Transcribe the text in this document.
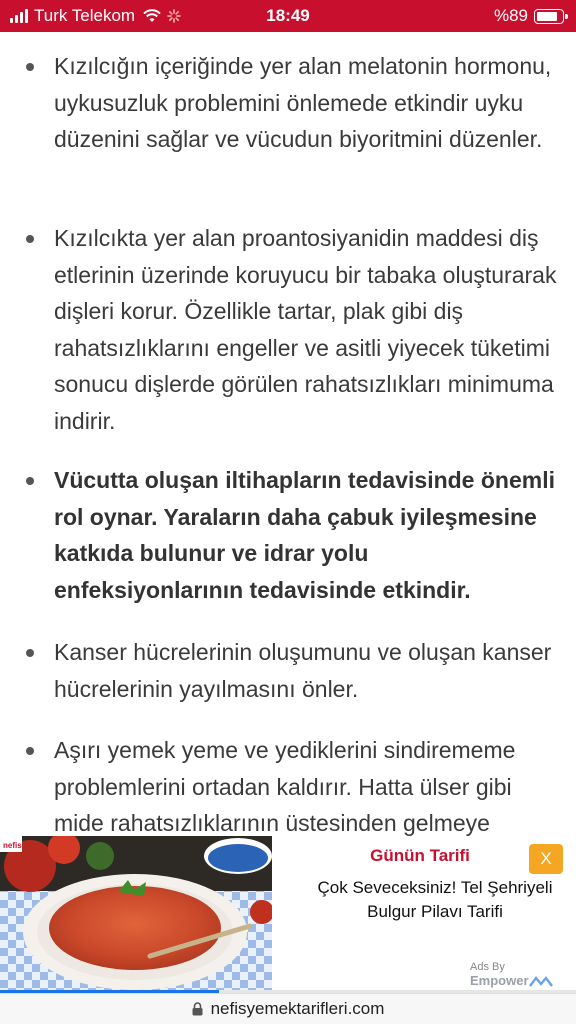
Turk Telekom	18:49	%89
Kızılcığın içeriğinde yer alan melatonin hormonu, uykusuzluk problemini önlemede etkindir uyku düzenini sağlar ve vücudun biyoritmini düzenler.
Kızılcıkta yer alan proantosiyanidin maddesi diş etlerinin üzerinde koruyucu bir tabaka oluşturarak dişleri korur. Özellikle tartar, plak gibi diş rahatsızlıklarını engeller ve asitli yiyecek tüketimi sonucu dişlerde görülen rahatsızlıkları minimuma indirir.
Vücutta oluşan iltihapların tedavisinde önemli rol oynar. Yaraların daha çabuk iyileşmesine katkıda bulunur ve idrar yolu enfeksiyonlarının tedavisinde etkindir.
Kanser hücrelerinin oluşumunu ve oluşan kanser hücrelerinin yayılmasını önler.
Aşırı yemek yeme ve yediklerini sindirememe problemlerini ortadan kaldırır. Hatta ülser gibi mide rahatsızlıklarının üstesinden gelmeye
nefis
Günün Tarifi	X
Çok Seveceksiniz! Tel Şehriyeli Bulgur Pilavı Tarifi
Ads By
Empower
nefisyemektarifleri.com
